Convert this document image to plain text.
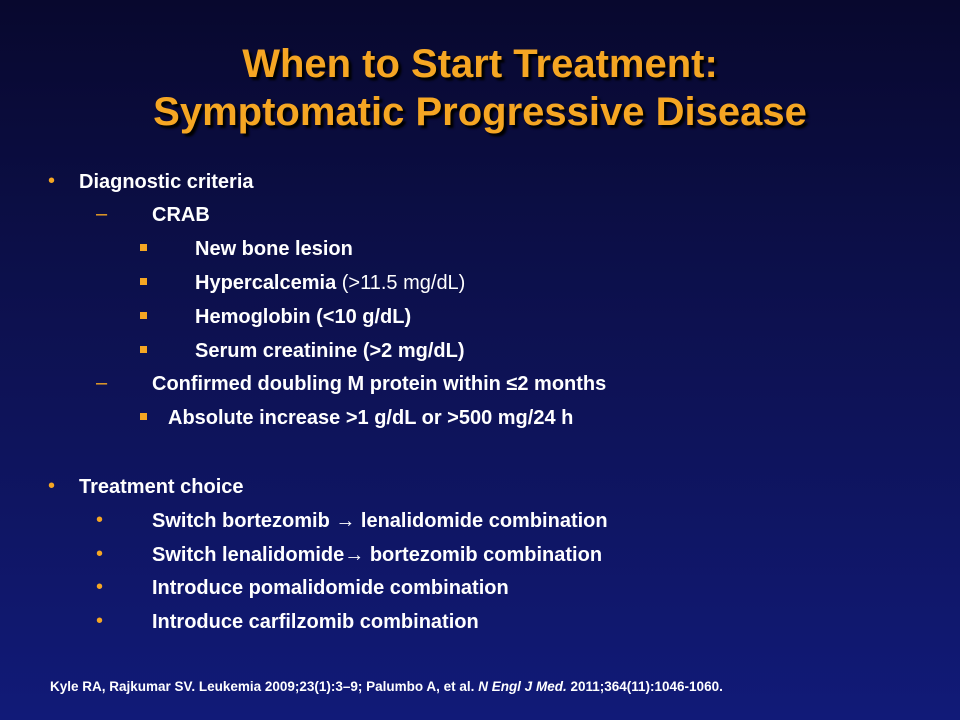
When to Start Treatment:
Symptomatic Progressive Disease
• Diagnostic criteria
– CRAB
New bone lesion
Hypercalcemia (>11.5 mg/dL)
Hemoglobin (<10 g/dL)
Serum creatinine (>2 mg/dL)
– Confirmed doubling M protein within ≤2 months
Absolute increase >1 g/dL or >500 mg/24 h
• Treatment choice
• Switch bortezomib → lenalidomide combination
• Switch lenalidomide→ bortezomib combination
• Introduce pomalidomide combination
• Introduce carfilzomib combination
Kyle RA, Rajkumar SV. Leukemia 2009;23(1):3–9; Palumbo A, et al. N Engl J Med. 2011;364(11):1046-1060.
